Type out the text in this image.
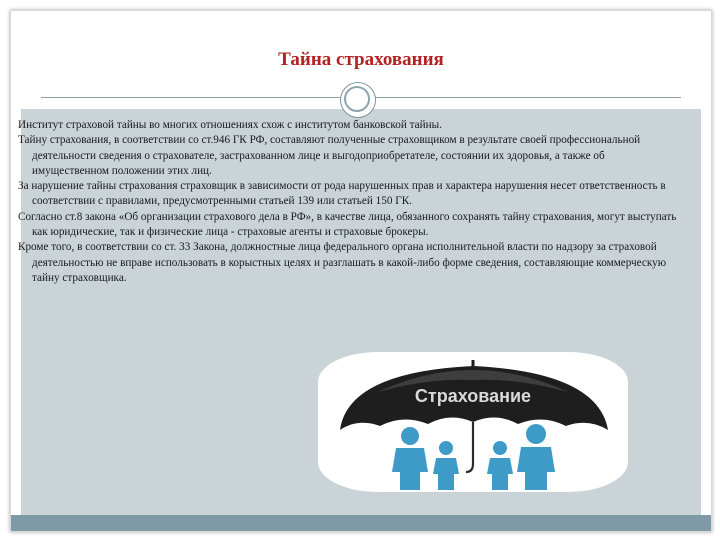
Тайна страхования

Институт страховой тайны во многих отношениях схож с институтом банковской тайны.

Тайну страхования, в соответствии со ст.946 ГК РФ, составляют полученные страховщиком в результате своей профессиональной деятельности сведения о страхователе, застрахованном лице и выгодоприобретателе, состоянии их здоровья, а также об имущественном положении этих лиц.

За нарушение тайны страхования страховщик в зависимости от рода нарушенных прав и характера нарушения несет ответственность в соответствии с правилами, предусмотренными статьей 139 или статьей 150 ГК.

Согласно ст.8 закона «Об организации страхового дела в РФ», в качестве лица, обязанного сохранять тайну страхования, могут выступать как юридические, так и физические лица - страховые агенты и страховые брокеры.

Кроме того, в соответствии со ст. 33 Закона, должностные лица федерального органа исполнительной власти по надзору за страховой деятельностью не вправе использовать в корыстных целях и разглашать в какой-либо форме сведения, составляющие коммерческую тайну страховщика.

Страхование
